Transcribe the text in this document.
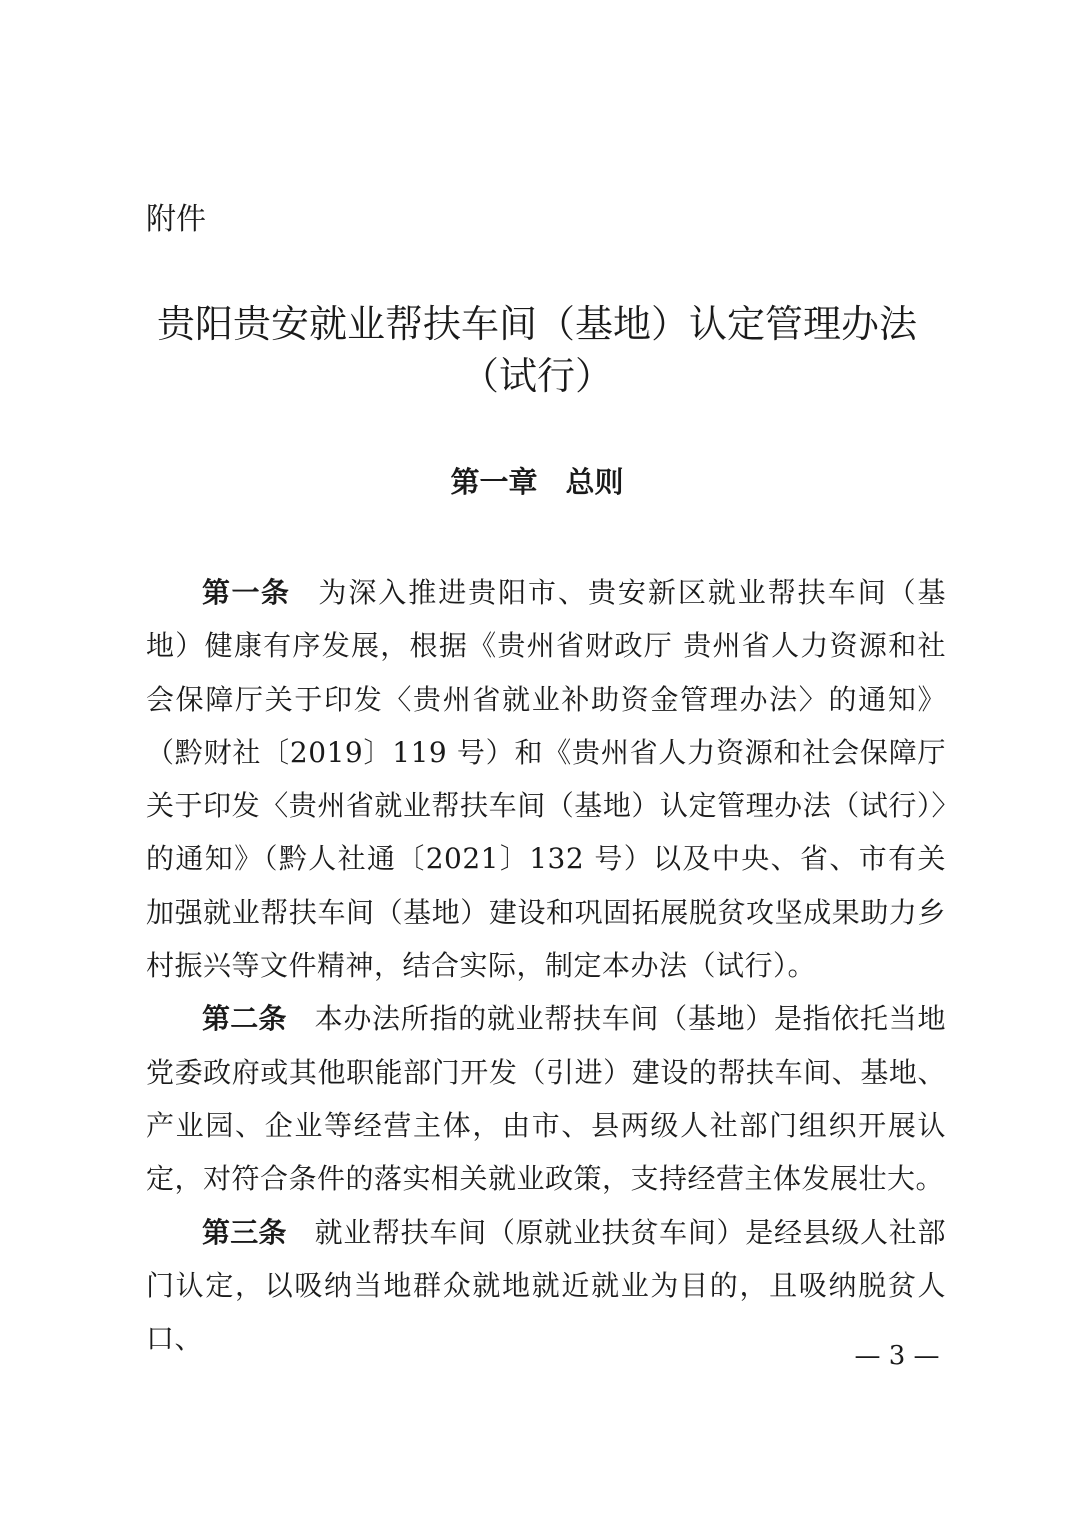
附件
贵阳贵安就业帮扶车间（基地）认定管理办法
（试行）
第一章 总则

第一条 为深入推进贵阳市、贵安新区就业帮扶车间（基地）健康有序发展，根据《贵州省财政厅 贵州省人力资源和社会保障厅关于印发〈贵州省就业补助资金管理办法〉的通知》（黔财社〔2019〕119 号）和《贵州省人力资源和社会保障厅关于印发〈贵州省就业帮扶车间（基地）认定管理办法（试行）〉的通知》（黔人社通〔2021〕132 号）以及中央、省、市有关加强就业帮扶车间（基地）建设和巩固拓展脱贫攻坚成果助力乡村振兴等文件精神，结合实际，制定本办法（试行）。

第二条 本办法所指的就业帮扶车间（基地）是指依托当地党委政府或其他职能部门开发（引进）建设的帮扶车间、基地、产业园、企业等经营主体，由市、县两级人社部门组织开展认定，对符合条件的落实相关就业政策，支持经营主体发展壮大。

第三条 就业帮扶车间（原就业扶贫车间）是经县级人社部门认定，以吸纳当地群众就地就近就业为目的，且吸纳脱贫人口、

— 3 —
